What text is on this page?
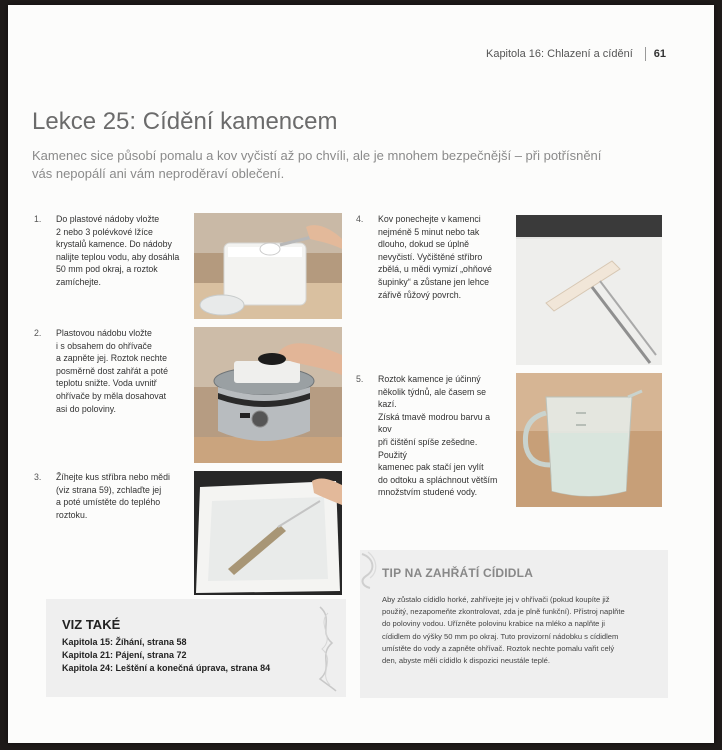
Kapitola 16: Chlazení a cídění 61
Lekce 25: Cídění kamencem

Kamenec sice působí pomalu a kov vyčistí až po chvíli, ale je mnohem bezpečnější – při potřísnění vás nepopálí ani vám neproděraví oblečení.

1. Do plastové nádoby vložte
2 nebo 3 polévkové lžíce
krystalů kamence. Do nádoby
nalijte teplou vodu, aby dosáhla
50 mm pod okraj, a roztok
zamíchejte.
2. Plastovou nádobu vložte
i s obsahem do ohřívače
a zapněte jej. Roztok nechte
posměrně dost zahřát a poté
teplotu snižte. Voda uvnitř
ohřívače by měla dosahovat
asi do poloviny.
3. Žíhejte kus stříbra nebo mědi
(viz strana 59), zchlaďte jej
a poté umístěte do teplého
roztoku.
4. Kov ponechejte v kamenci
nejméně 5 minut nebo tak
dlouho, dokud se úplně
nevyčistí. Vyčištěné stříbro
zbělá, u mědi vymizí „ohňové
šupinky“ a zůstane jen lehce
zářivě růžový povrch.
5. Roztok kamence je účinný
několik týdnů, ale časem se kazí.
Získá tmavě modrou barvu a kov
při čištění spíše zešedne. Použitý
kamenec pak stačí jen vylít
do odtoku a spláchnout větším
množstvím studené vody.
VIZ TAKÉ
Kapitola 15: Žíhání, strana 58
Kapitola 21: Pájení, strana 72
Kapitola 24: Leštění a konečná úprava, strana 84
TIP NA ZAHŘÁTÍ CÍDIDLA
Aby zůstalo cídidlo horké, zahřívejte jej v ohřívači (pokud koupíte již
použitý, nezapomeňte zkontrolovat, zda je plně funkční). Přístroj naplňte
do poloviny vodou. Uřízněte polovinu krabice na mléko a naplňte ji
cídidlem do výšky 50 mm po okraj. Tuto provizorní nádobku s cídidlem
umístěte do vody a zapněte ohřívač. Roztok nechte pomalu vařit celý
den, abyste měli cídidlo k dispozici neustále teplé.
